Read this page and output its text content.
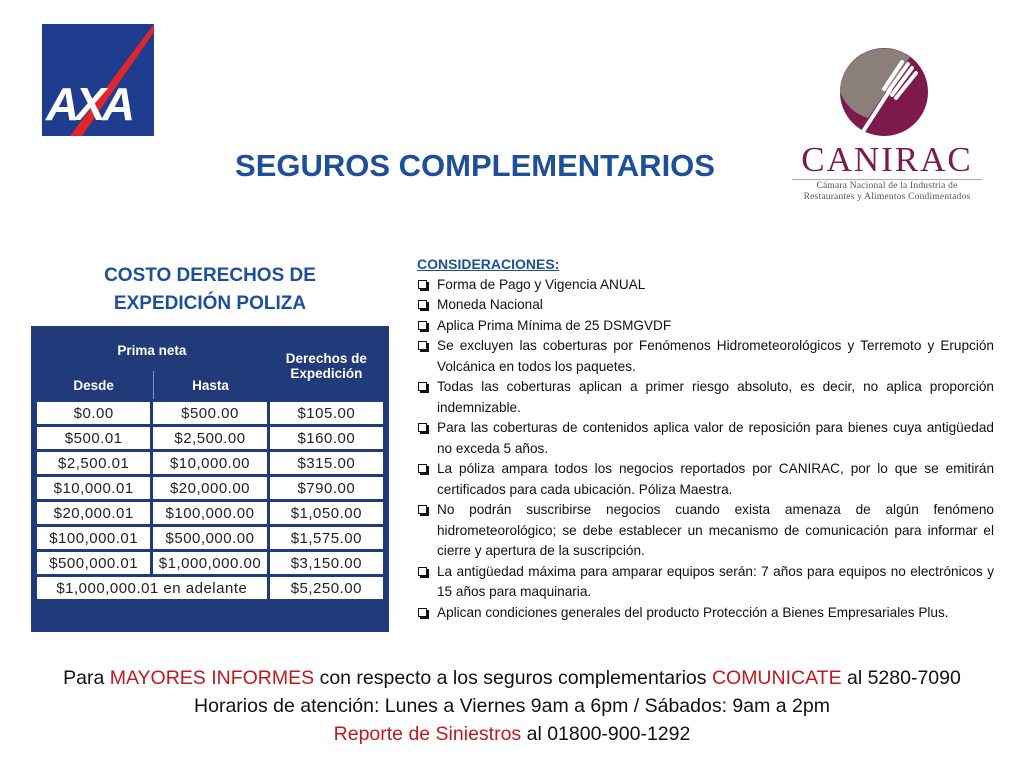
AXA
CANIRAC
Cámara Nacional de la Industria de
Restaurantes y Alimentos Condimentados
SEGUROS COMPLEMENTARIOS
COSTO DERECHOS DE
EXPEDICIÓN POLIZA
Prima neta		Derechos de
Expedición

Desde	Hasta	
$0.00	$500.00	$105.00
$500.01	$2,500.00	$160.00
$2,500.01	$10,000.00	$315.00
$10,000.01	$20,000.00	$790.00
$20,000.01	$100,000.00	$1,050.00
$100,000.01	$500,000.00	$1,575.00
$500,000.01	$1,000,000.00	$3,150.00
$1,000,000.01 en adelante		$5,250.00
CONSIDERACIONES:
Forma de Pago y Vigencia ANUAL
Moneda Nacional
Aplica Prima Mínima de 25 DSMGVDF
Se excluyen las coberturas por Fenómenos Hidrometeorológicos y Terremoto y Erupción Volcánica en todos los paquetes.
Todas las coberturas aplican a primer riesgo absoluto, es decir, no aplica proporción indemnizable.
Para las coberturas de contenidos aplica valor de reposición para bienes cuya antigüedad no exceda 5 años.
La póliza ampara todos los negocios reportados por CANIRAC, por lo que se emitirán certificados para cada ubicación. Póliza Maestra.
No podrán suscribirse negocios cuando exista amenaza de algún fenómeno hidrometeorológico; se debe establecer un mecanismo de comunicación para informar el cierre y apertura de la suscripción.
La antigüedad máxima para amparar equipos serán: 7 años para equipos no electrónicos y 15 años para maquinaria.
Aplican condiciones generales del producto Protección a Bienes Empresariales Plus.
Para MAYORES INFORMES con respecto a los seguros complementarios COMUNICATE al 5280-7090
Horarios de atención: Lunes a Viernes 9am a 6pm / Sábados: 9am a 2pm
Reporte de Siniestros al 01800-900-1292
